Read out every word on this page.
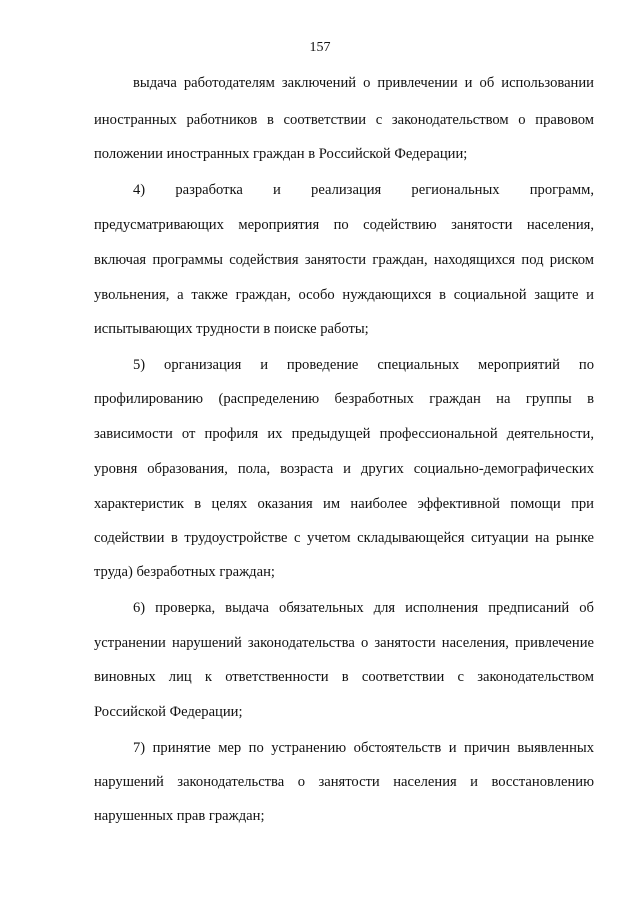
157
выдача работодателям заключений о привлечении и об использовании
иностранных работников в соответствии с законодательством о правовом
положении иностранных граждан в Российской Федерации;
4) разработка и реализация региональных программ,
предусматривающих мероприятия по содействию занятости населения,
включая программы содействия занятости граждан, находящихся под риском
увольнения, а также граждан, особо нуждающихся в социальной защите и
испытывающих трудности в поиске работы;
5) организация и проведение специальных мероприятий по
профилированию (распределению безработных граждан на группы в
зависимости от профиля их предыдущей профессиональной деятельности,
уровня образования, пола, возраста и других социально-демографических
характеристик в целях оказания им наиболее эффективной помощи при
содействии в трудоустройстве с учетом складывающейся ситуации на рынке
труда) безработных граждан;
6) проверка, выдача обязательных для исполнения предписаний об
устранении нарушений законодательства о занятости населения, привлечение
виновных лиц к ответственности в соответствии с законодательством
Российской Федерации;
7) принятие мер по устранению обстоятельств и причин выявленных
нарушений законодательства о занятости населения и восстановлению
нарушенных прав граждан;
